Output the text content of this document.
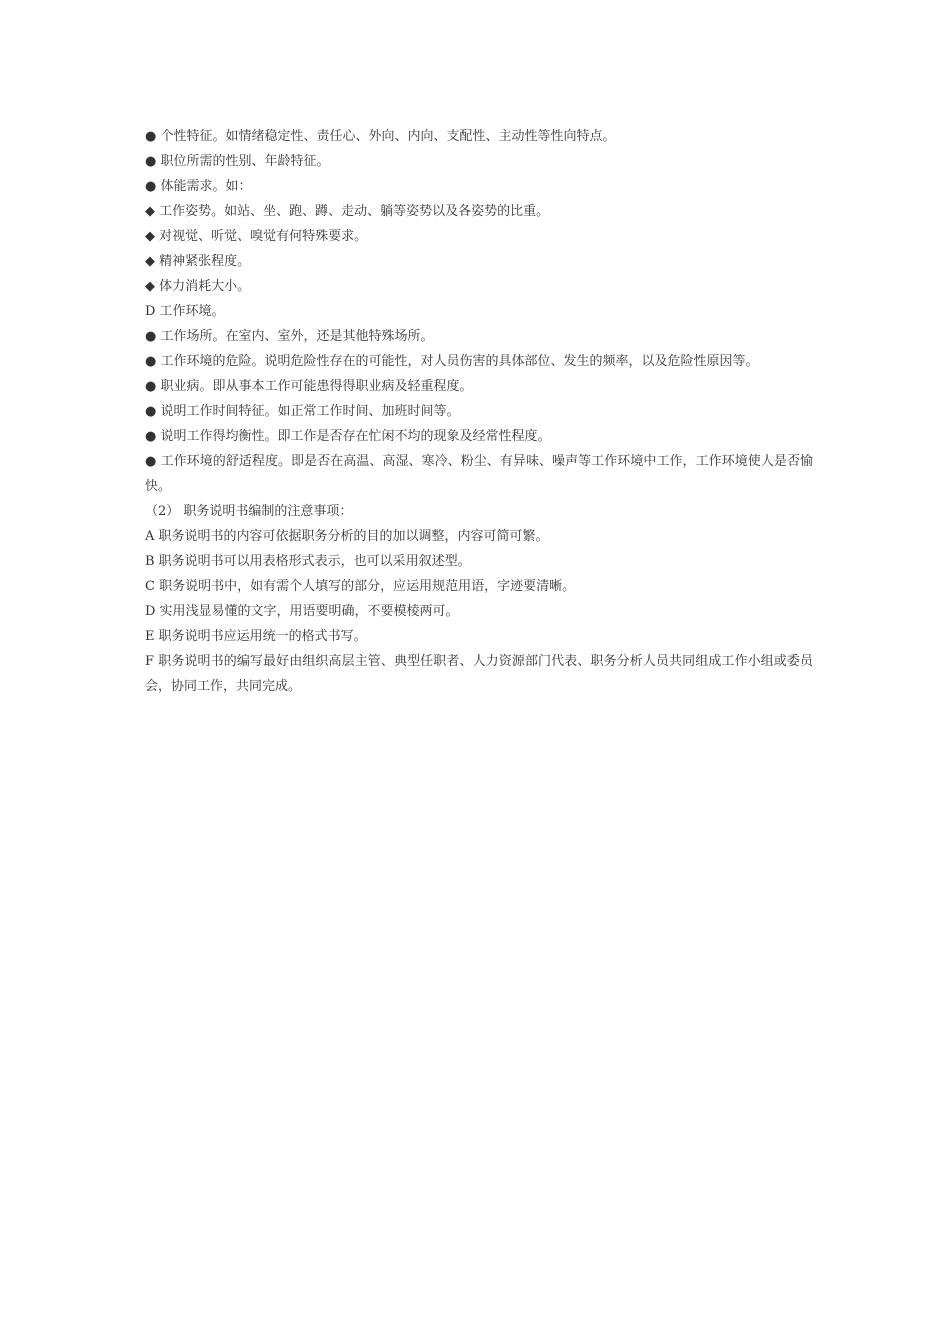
● 个性特征。如情绪稳定性、责任心、外向、内向、支配性、主动性等性向特点。
● 职位所需的性别、年龄特征。
● 体能需求。如：
◆ 工作姿势。如站、坐、跑、蹲、走动、躺等姿势以及各姿势的比重。
◆ 对视觉、听觉、嗅觉有何特殊要求。
◆ 精神紧张程度。
◆ 体力消耗大小。
D 工作环境。
● 工作场所。在室内、室外，还是其他特殊场所。
● 工作环境的危险。说明危险性存在的可能性，对人员伤害的具体部位、发生的频率，以及危险性原因等。
● 职业病。即从事本工作可能患得得职业病及轻重程度。
● 说明工作时间特征。如正常工作时间、加班时间等。
● 说明工作得均衡性。即工作是否存在忙闲不均的现象及经常性程度。
● 工作环境的舒适程度。即是否在高温、高湿、寒冷、粉尘、有异味、噪声等工作环境中工作，工作环境使人是否愉快。
（2） 职务说明书编制的注意事项：
A 职务说明书的内容可依据职务分析的目的加以调整，内容可简可繁。
B 职务说明书可以用表格形式表示，也可以采用叙述型。
C 职务说明书中，如有需个人填写的部分，应运用规范用语，字迹要清晰。
D 实用浅显易懂的文字，用语要明确，不要模棱两可。
E 职务说明书应运用统一的格式书写。
F 职务说明书的编写最好由组织高层主管、典型任职者、人力资源部门代表、职务分析人员共同组成工作小组或委员会，协同工作，共同完成。
